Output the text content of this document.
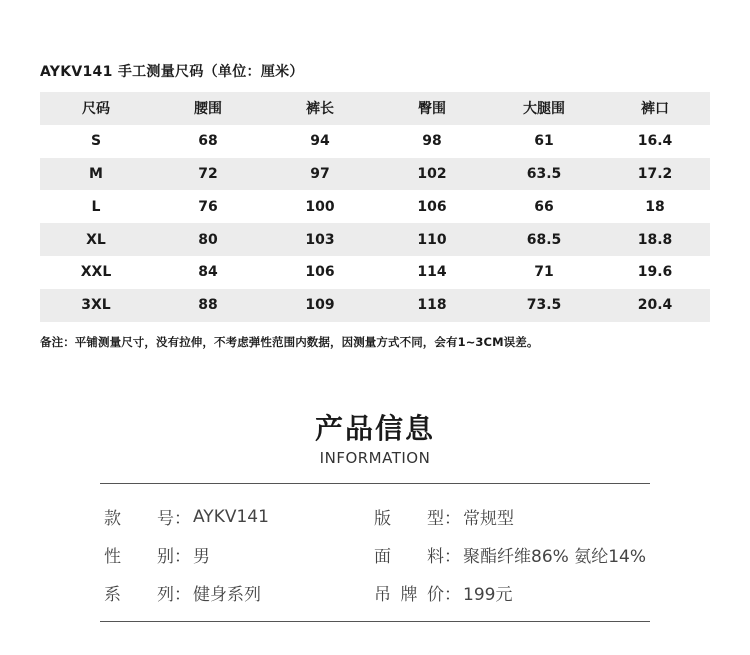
AYKV141 手工测量尺码（单位：厘米）
尺码	腰围	裤长	臀围	大腿围	裤口
S	68	94	98	61	16.4
M	72	97	102	63.5	17.2
L	76	100	106	66	18
XL	80	103	110	68.5	18.8
XXL	84	106	114	71	19.6
3XL	88	109	118	73.5	20.4
备注：平铺测量尺寸，没有拉伸，不考虑弹性范围内数据，因测量方式不同，会有1~3CM误差。
产品信息
INFORMATION
款 号 ： AYKV141	版 型 ： 常规型
性 别 ： 男	面 料 ： 聚酯纤维86% 氨纶14%
系 列 ： 健身系列	吊 牌 价 ： 199元
